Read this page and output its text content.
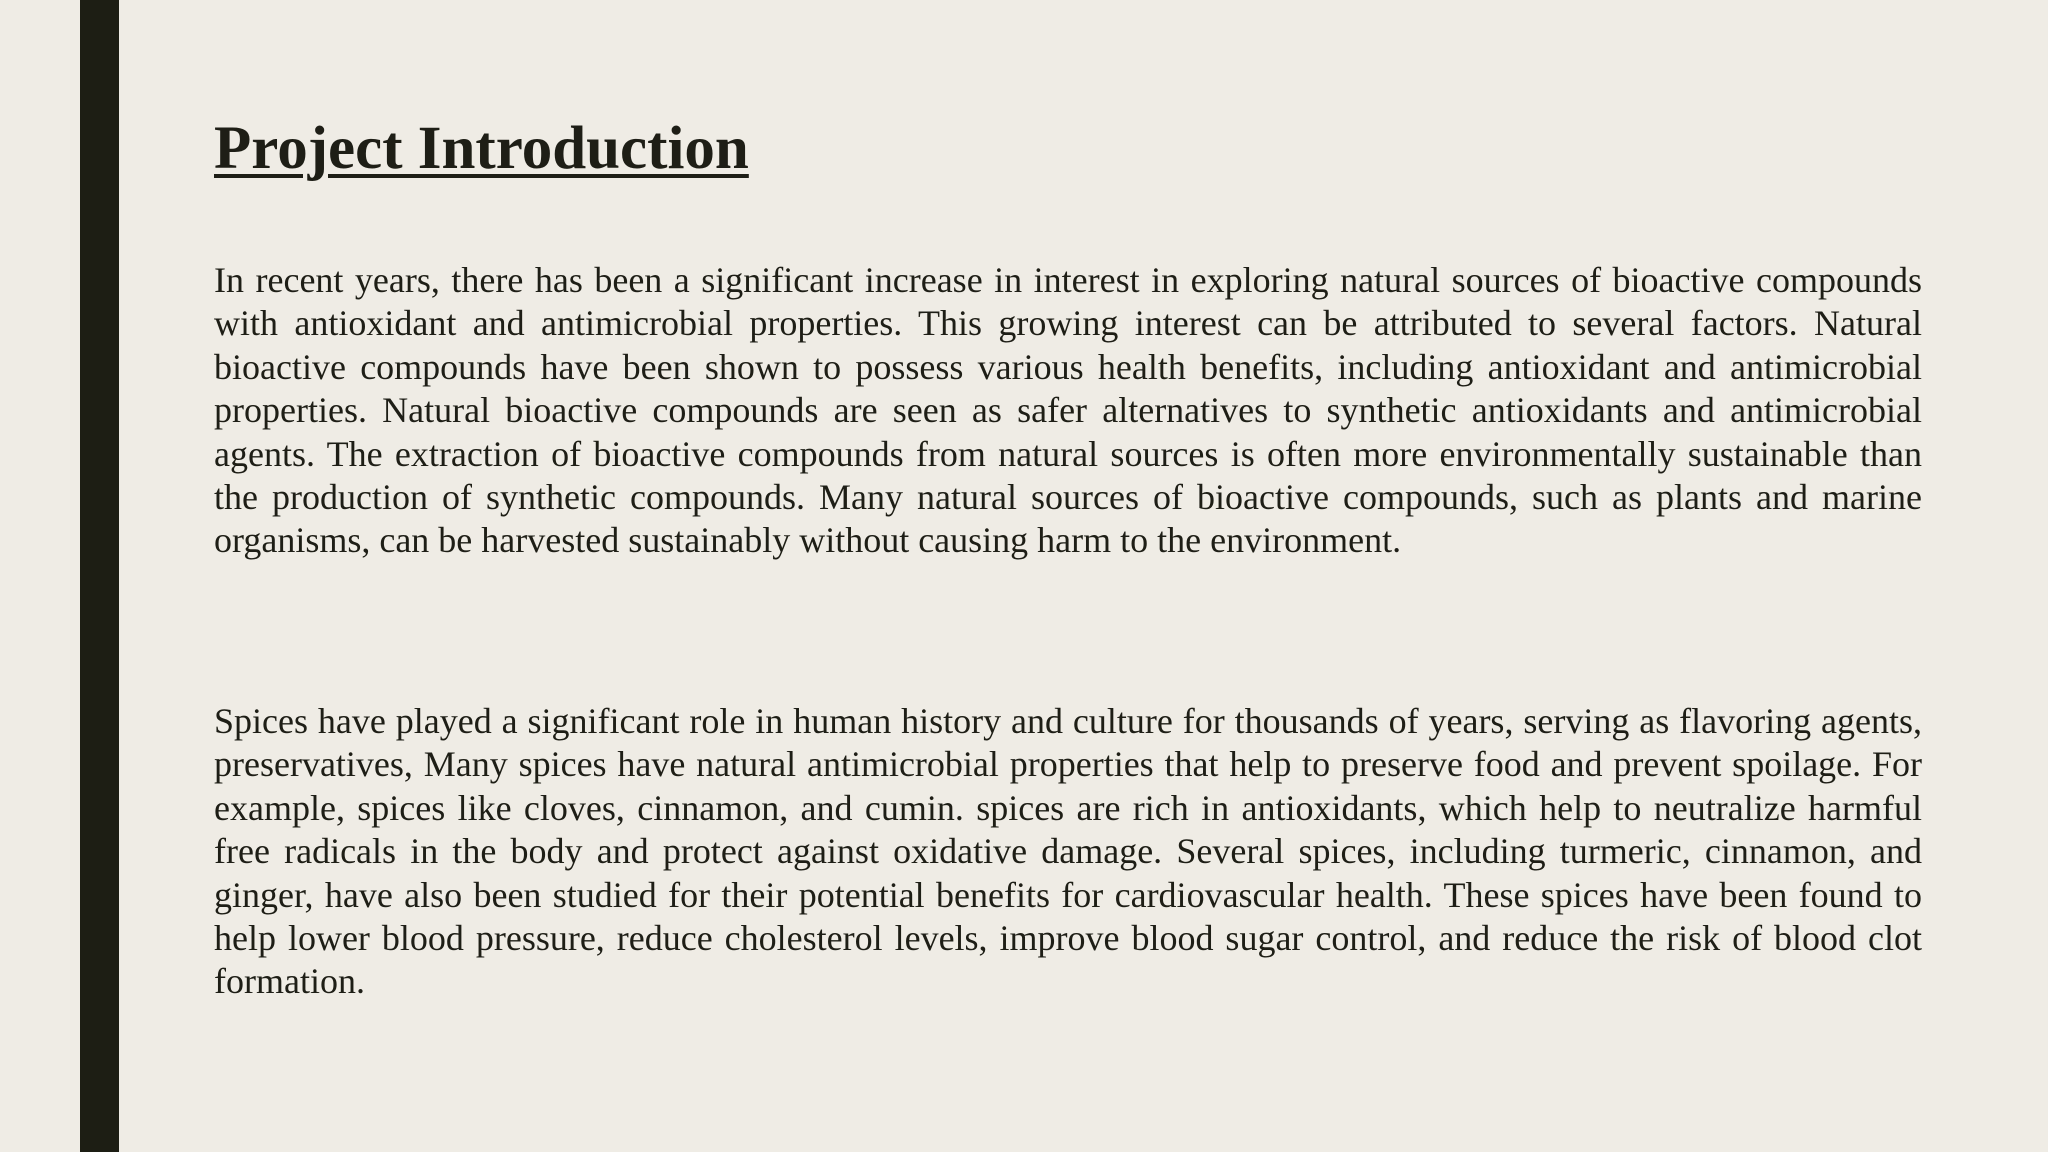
Project Introduction

In recent years, there has been a significant increase in interest in exploring natural sources of bioactive compounds with antioxidant and antimicrobial properties. This growing interest can be attributed to several factors. Natural bioactive compounds have been shown to possess various health benefits, including antioxidant and antimicrobial properties. Natural bioactive compounds are seen as safer alternatives to synthetic antioxidants and antimicrobial agents. The extraction of bioactive compounds from natural sources is often more environmentally sustainable than the production of synthetic compounds. Many natural sources of bioactive compounds, such as plants and marine organisms, can be harvested sustainably without causing harm to the environment.

Spices have played a significant role in human history and culture for thousands of years, serving as flavoring agents, preservatives, Many spices have natural antimicrobial properties that help to preserve food and prevent spoilage. For example, spices like cloves, cinnamon, and cumin. spices are rich in antioxidants, which help to neutralize harmful free radicals in the body and protect against oxidative damage. Several spices, including turmeric, cinnamon, and ginger, have also been studied for their potential benefits for cardiovascular health. These spices have been found to help lower blood pressure, reduce cholesterol levels, improve blood sugar control, and reduce the risk of blood clot formation.
